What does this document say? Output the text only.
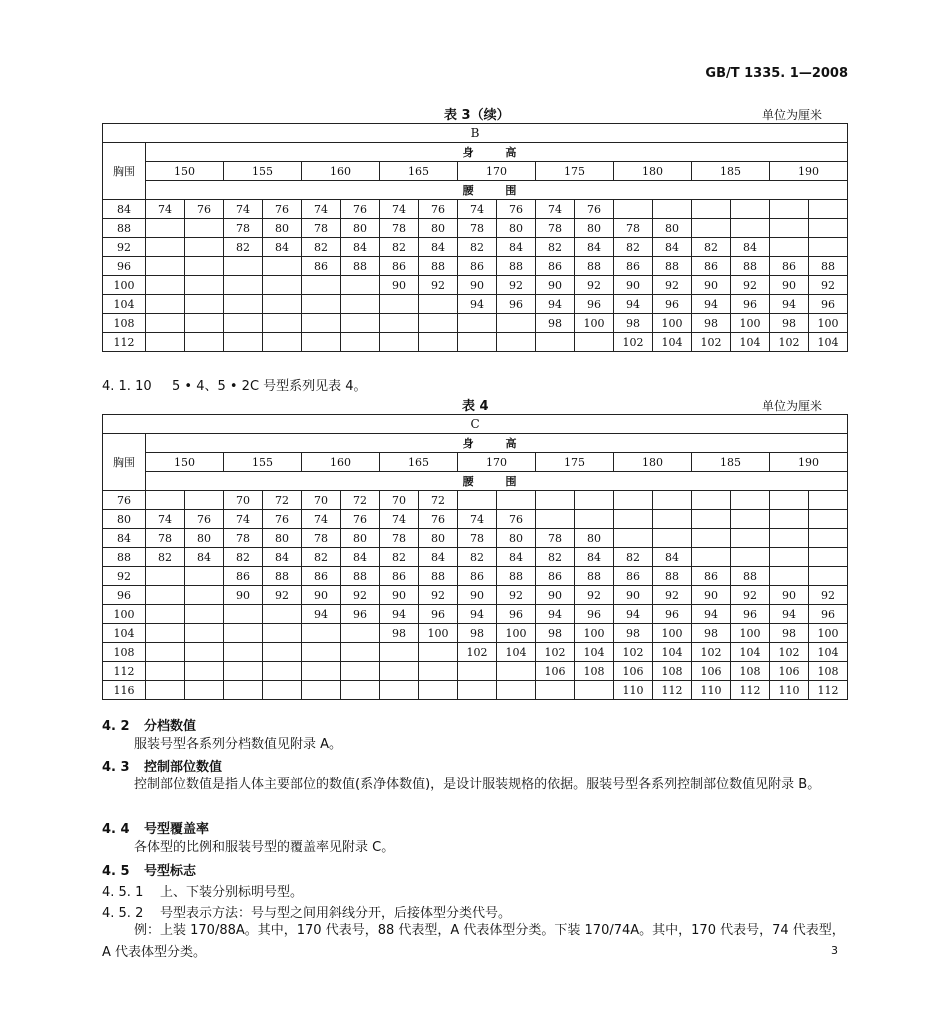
GB/T 1335. 1—2008
表 3（续）	单位为厘米
B																		
胸围	身 高																	
	150		155		160		165		170		175		180		185		190	
	腰 围																	
84	74	76	74	76	74	76	74	76	74	76	74	76						
88			78	80	78	80	78	80	78	80	78	80	78	80				
92			82	84	82	84	82	84	82	84	82	84	82	84	82	84		
96					86	88	86	88	86	88	86	88	86	88	86	88	86	88
100							90	92	90	92	90	92	90	92	90	92	90	92
104									94	96	94	96	94	96	94	96	94	96
108											98	100	98	100	98	100	98	100
112													102	104	102	104	102	104
4. 1. 10 5 • 4、5 • 2C 号型系列见表 4。
表 4	单位为厘米
C																		
胸围	身 高																	
	150		155		160		165		170		175		180		185		190	
	腰 围																	
76			70	72	70	72	70	72										
80	74	76	74	76	74	76	74	76	74	76								
84	78	80	78	80	78	80	78	80	78	80	78	80						
88	82	84	82	84	82	84	82	84	82	84	82	84	82	84				
92			86	88	86	88	86	88	86	88	86	88	86	88	86	88		
96			90	92	90	92	90	92	90	92	90	92	90	92	90	92	90	92
100					94	96	94	96	94	96	94	96	94	96	94	96	94	96
104							98	100	98	100	98	100	98	100	98	100	98	100
108									102	104	102	104	102	104	102	104	102	104
112											106	108	106	108	106	108	106	108
116													110	112	110	112	110	112
4. 2 分档数值
服装号型各系列分档数值见附录 A。
4. 3 控制部位数值
控制部位数值是指人体主要部位的数值(系净体数值)，是设计服装规格的依据。服装号型各系列控制部位数值见附录 B。
4. 4 号型覆盖率
各体型的比例和服装号型的覆盖率见附录 C。
4. 5 号型标志
4. 5. 1 上、下装分别标明号型。
4. 5. 2 号型表示方法：号与型之间用斜线分开，后接体型分类代号。
例：上装 170/88A。其中，170 代表号，88 代表型，A 代表体型分类。下装 170/74A。其中，170 代表号，74 代表型，A 代表体型分类。	3
